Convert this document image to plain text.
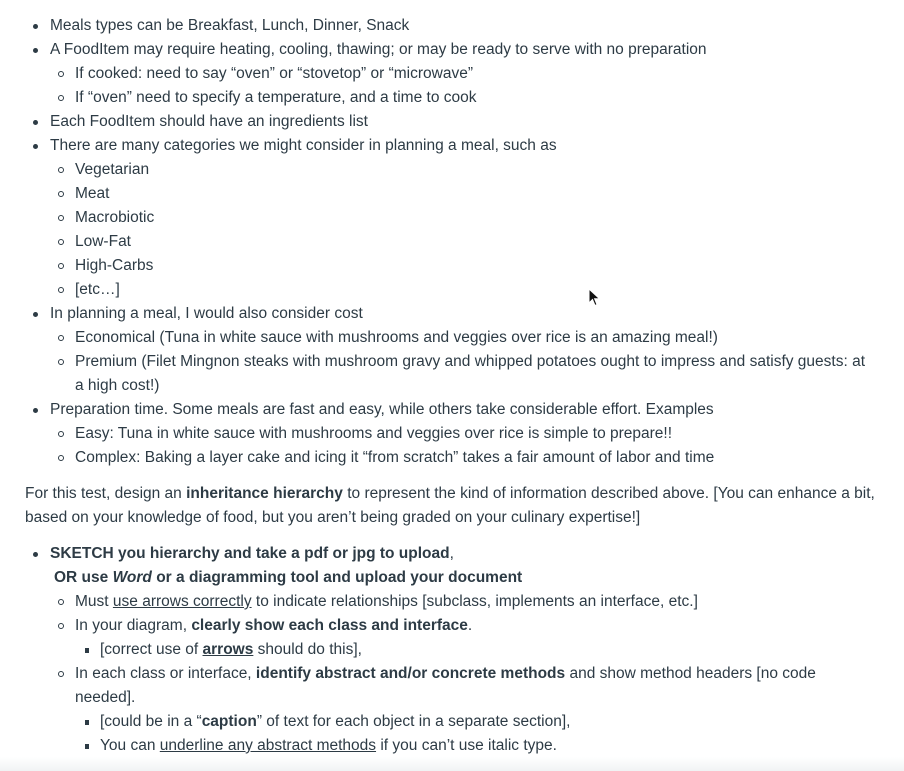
Meals types can be Breakfast, Lunch, Dinner, Snack
A FoodItem may require heating, cooling, thawing; or may be ready to serve with no preparation
If cooked: need to say “oven” or “stovetop” or “microwave”
If “oven” need to specify a temperature, and a time to cook
Each FoodItem should have an ingredients list
There are many categories we might consider in planning a meal, such as
Vegetarian
Meat
Macrobiotic
Low-Fat
High-Carbs
[etc…]
In planning a meal, I would also consider cost
Economical (Tuna in white sauce with mushrooms and veggies over rice is an amazing meal!)
Premium (Filet Mingnon steaks with mushroom gravy and whipped potatoes ought to impress and satisfy guests: at a high cost!)
Preparation time. Some meals are fast and easy, while others take considerable effort. Examples
Easy: Tuna in white sauce with mushrooms and veggies over rice is simple to prepare!!
Complex: Baking a layer cake and icing it “from scratch” takes a fair amount of labor and time

For this test, design an inheritance hierarchy to represent the kind of information described above. [You can enhance a bit, based on your knowledge of food, but you aren’t being graded on your culinary expertise!]

SKETCH you hierarchy and take a pdf or jpg to upload,
OR use Word or a diagramming tool and upload your document
Must use arrows correctly to indicate relationships [subclass, implements an interface, etc.]
In your diagram, clearly show each class and interface.
[correct use of arrows should do this],
In each class or interface, identify abstract and/or concrete methods and show method headers [no code needed].
[could be in a “caption” of text for each object in a separate section],
You can underline any abstract methods if you can’t use italic type.
